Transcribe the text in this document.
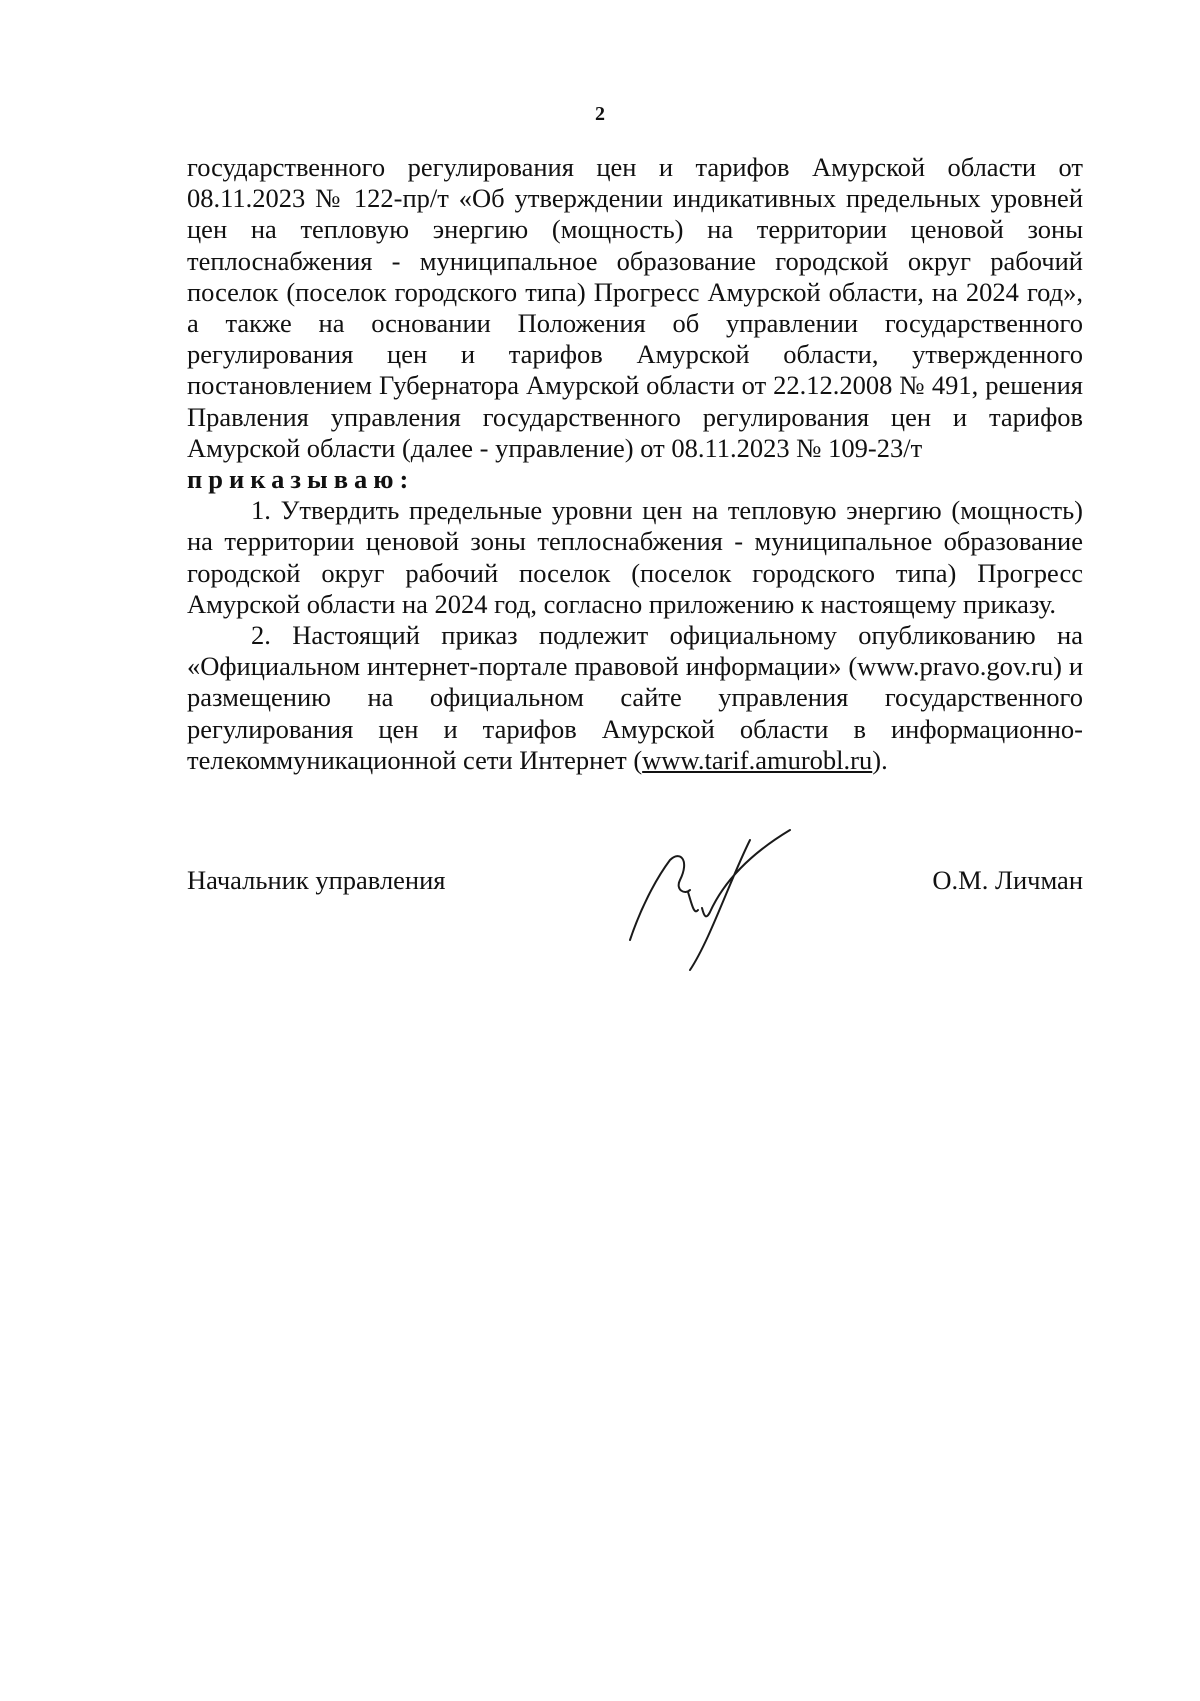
2

государственного регулирования цен и тарифов Амурской области от 08.11.2023 № 122-пр/т «Об утверждении индикативных предельных уровней цен на тепловую энергию (мощность) на территории ценовой зоны теплоснабжения - муниципальное образование городской округ рабочий поселок (поселок городского типа) Прогресс Амурской области, на 2024 год», а также на основании Положения об управлении государственного регулирования цен и тарифов Амурской области, утвержденного постановлением Губернатора Амурской области от 22.12.2008 № 491, решения Правления управления государственного регулирования цен и тарифов Амурской области (далее - управление) от 08.11.2023 № 109-23/т

приказываю:

1. Утвердить предельные уровни цен на тепловую энергию (мощность) на территории ценовой зоны теплоснабжения - муниципальное образование городской округ рабочий поселок (поселок городского типа) Прогресс Амурской области на 2024 год, согласно приложению к настоящему приказу.

2. Настоящий приказ подлежит официальному опубликованию на «Официальном интернет-портале правовой информации» (www.pravo.gov.ru) и размещению на официальном сайте управления государственного регулирования цен и тарифов Амурской области в информационно-телекоммуникационной сети Интернет (www.tarif.amurobl.ru).

Начальник управления	О.М. Личман
